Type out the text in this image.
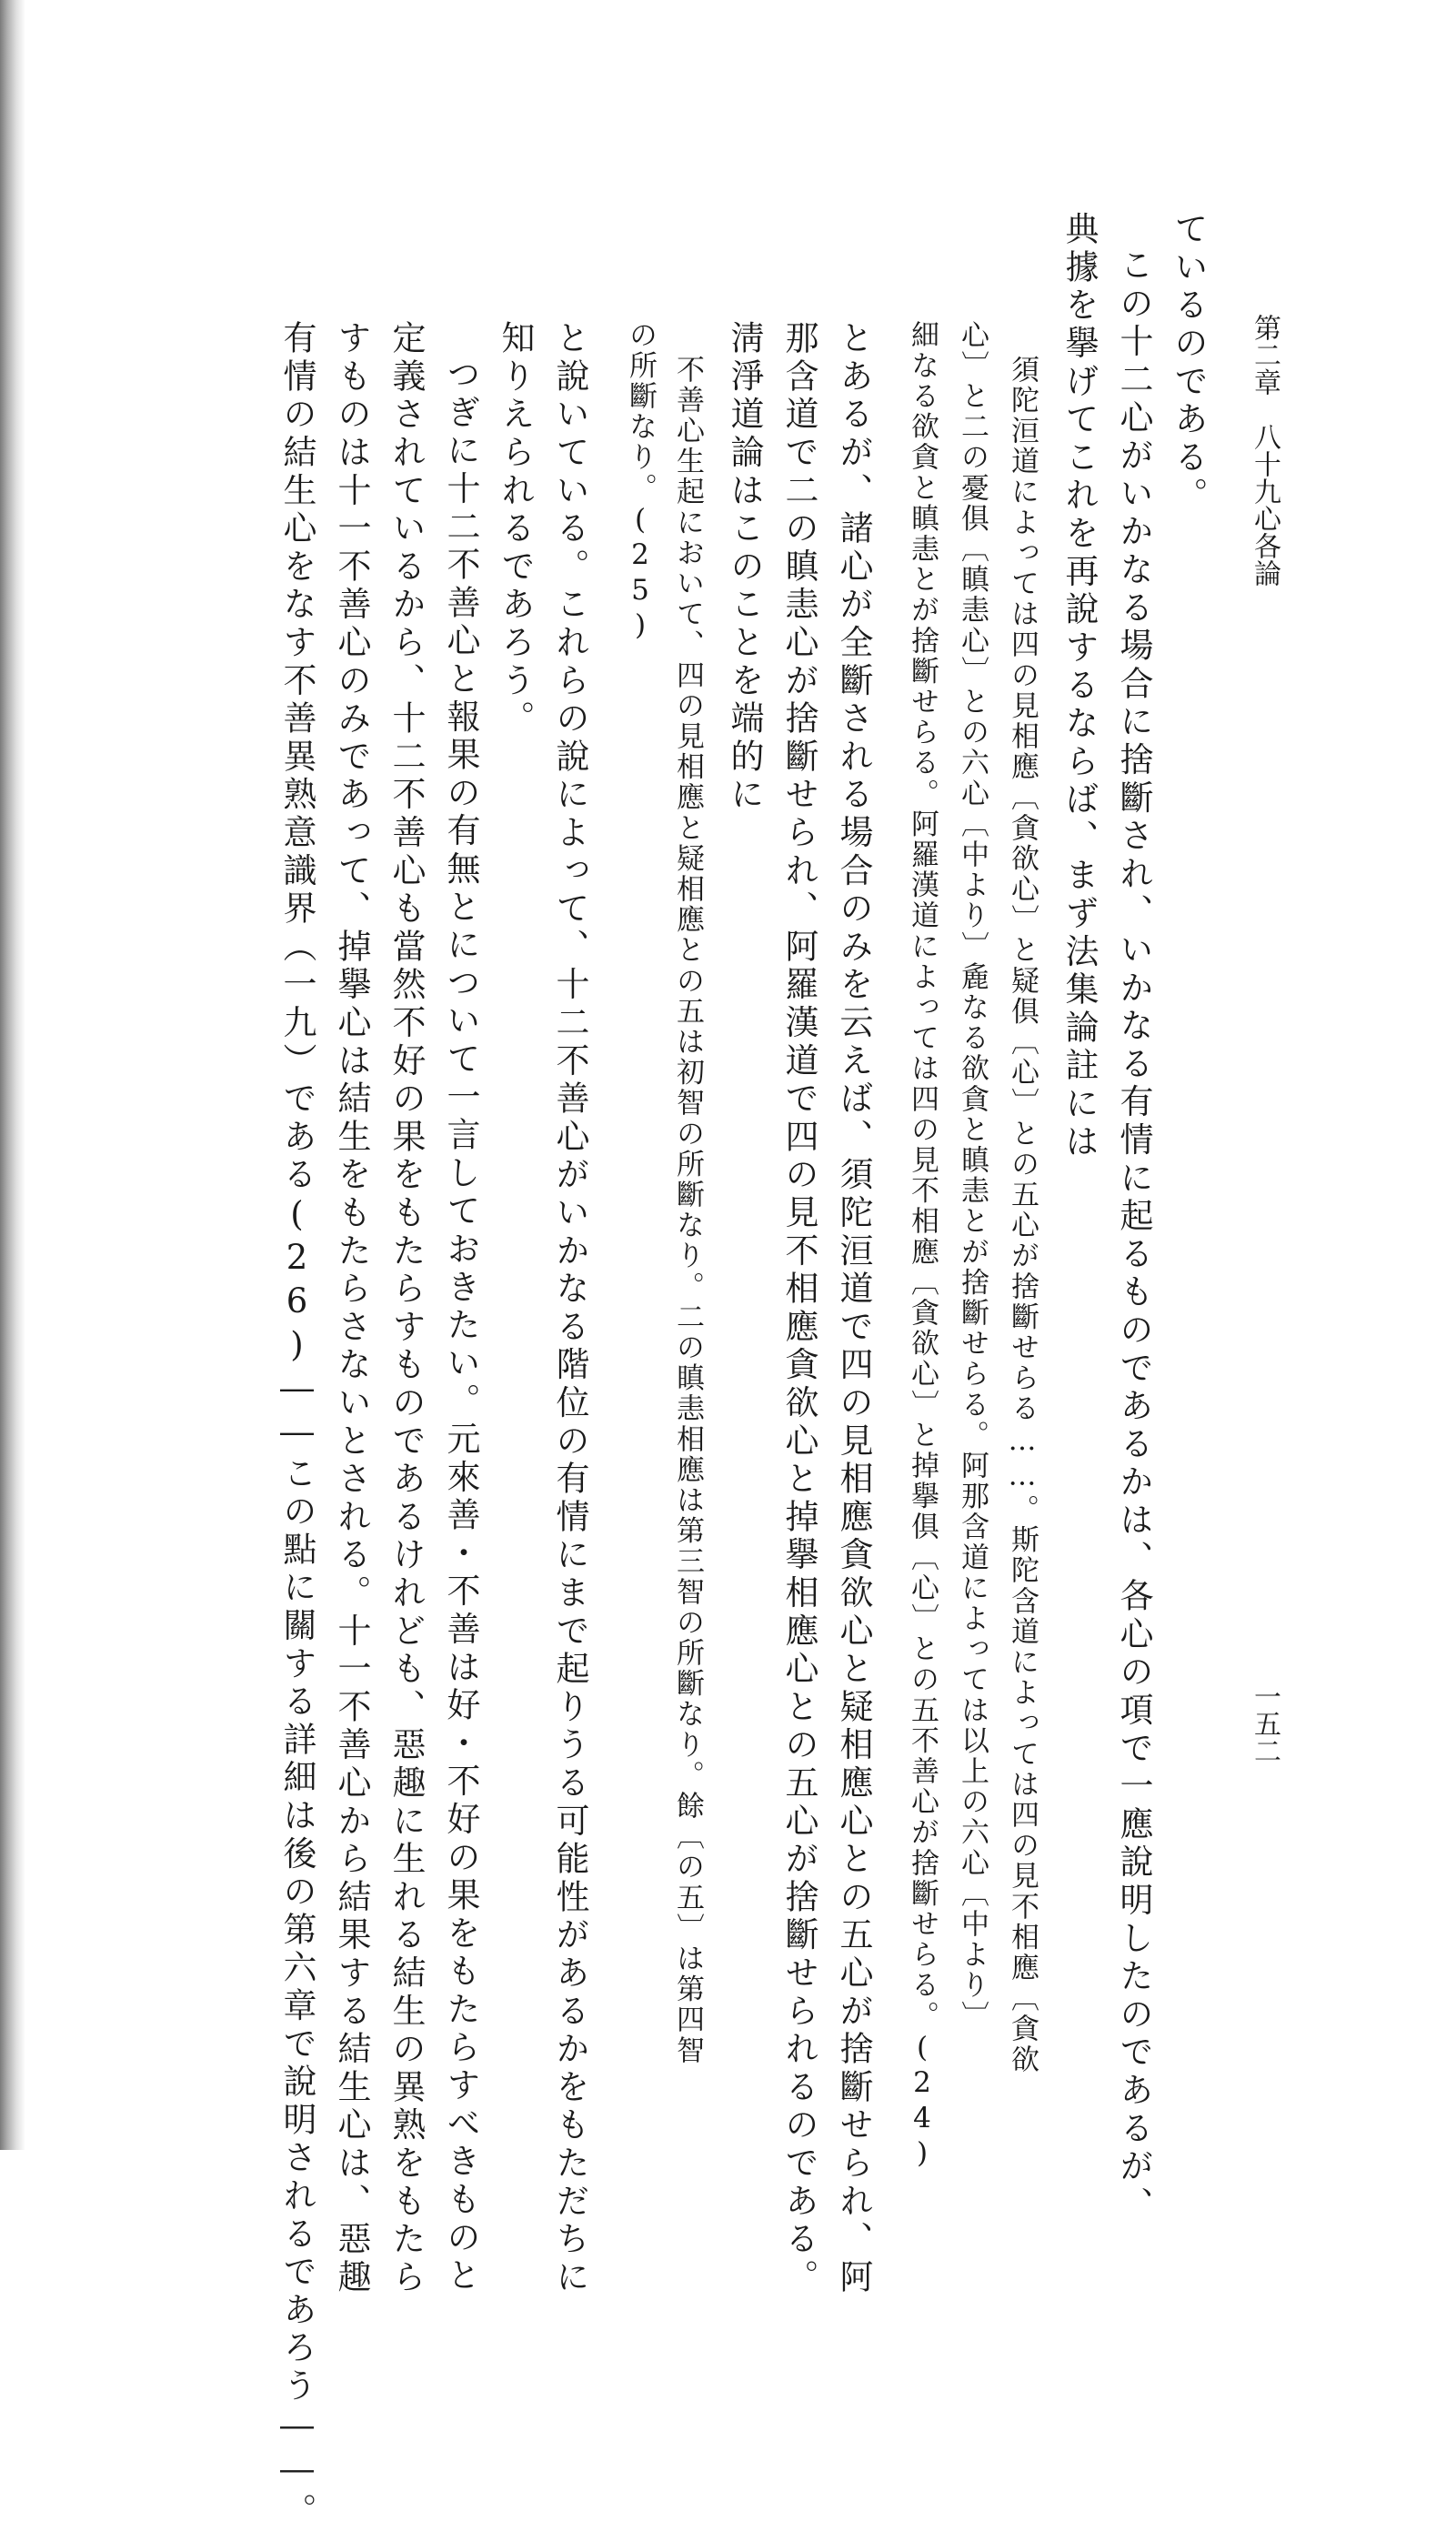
第二章　八十九心各論
一五二
ているのである。
この十二心がいかなる場合に捨斷され、いかなる有情に起るものであるかは、各心の項で一應說明したのであるが、
典據を擧げてこれを再說するならば、まず法集論註には
須陀洹道によっては四の見相應〔貪欲心〕と疑俱〔心〕との五心が捨斷せらる……。斯陀含道によっては四の見不相應〔貪欲
心〕と二の憂俱〔瞋恚心〕との六心〔中より〕麁なる欲貪と瞋恚とが捨斷せらる。阿那含道によっては以上の六心〔中より〕
細なる欲貪と瞋恚とが捨斷せらる。阿羅漢道によっては四の見不相應〔貪欲心〕と掉擧俱〔心〕との五不善心が捨斷せらる。(24)
とあるが、諸心が全斷される場合のみを云えば、須陀洹道で四の見相應貪欲心と疑相應心との五心が捨斷せられ、阿
那含道で二の瞋恚心が捨斷せられ、阿羅漢道で四の見不相應貪欲心と掉擧相應心との五心が捨斷せられるのである。
淸淨道論はこのことを端的に
不善心生起において、四の見相應と疑相應との五は初智の所斷なり。二の瞋恚相應は第三智の所斷なり。餘〔の五〕は第四智
の所斷なり。(25)
と說いている。これらの說によって、十二不善心がいかなる階位の有情にまで起りうる可能性があるかをもただちに
知りえられるであろう。
つぎに十二不善心と報果の有無とについて一言しておきたい。元來善・不善は好・不好の果をもたらすべきものと
定義されているから、十二不善心も當然不好の果をもたらすものであるけれども、惡趣に生れる結生の異熟をもたら
すものは十一不善心のみであって、掉擧心は結生をもたらさないとされる。十一不善心から結果する結生心は、惡趣
有情の結生心をなす不善異熟意識界（一九）である(26)――この點に關する詳細は後の第六章で說明されるであろう――。
